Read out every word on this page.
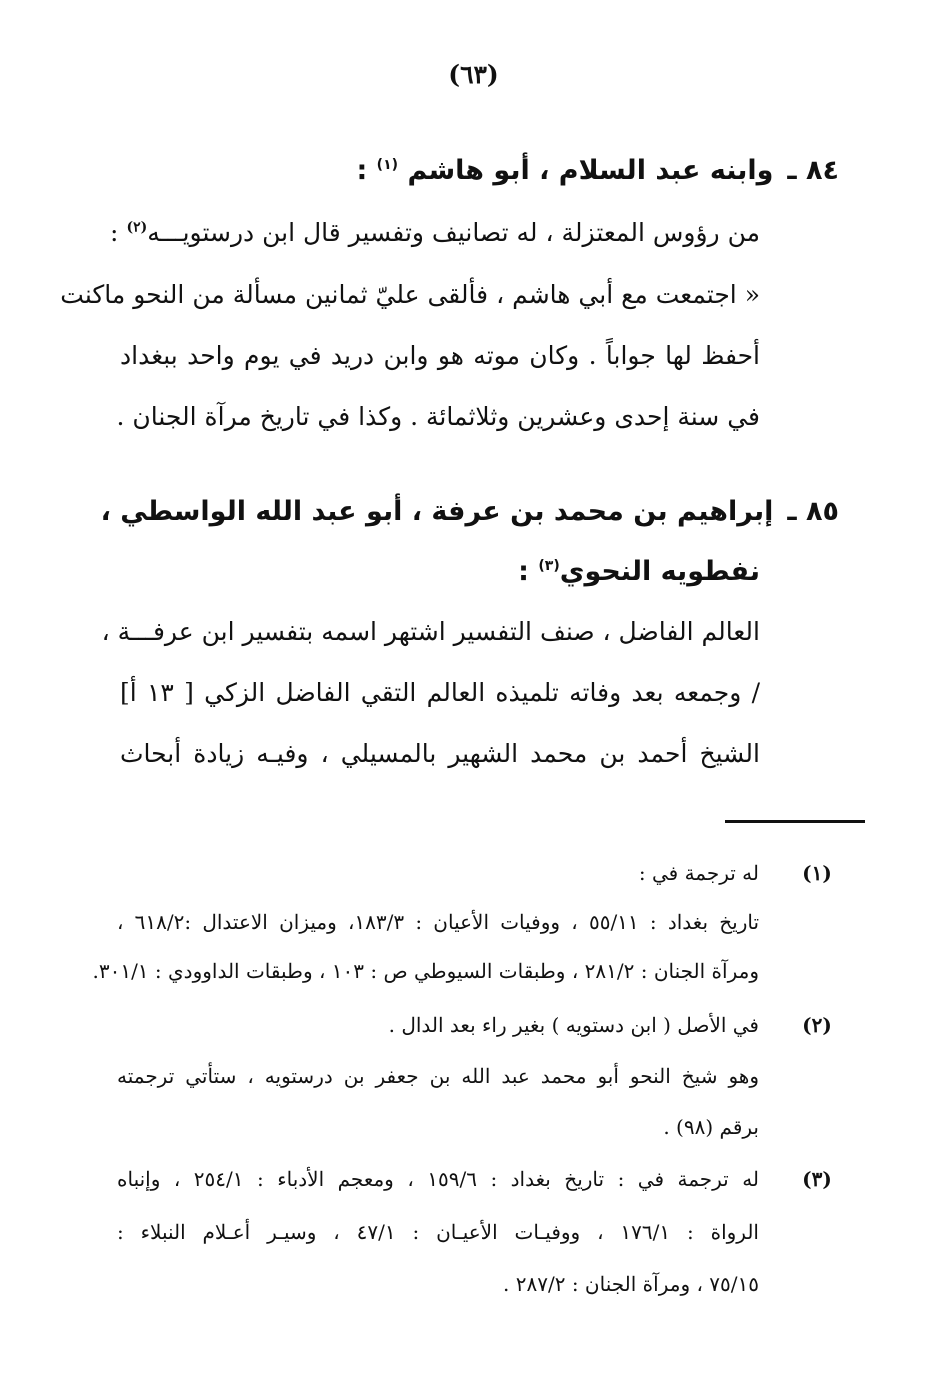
(٦٣)
٨٤ ـوابنه عبد السلام ، أبو هاشم $^{(١)}$ :
من رؤوس المعتزلة ، له تصانيف وتفسير قال ابن درستويـــه$^{(٢)}$ :
« اجتمعت مع أبي هاشم ، فألقى عليّ ثمانين مسألة من النحو ماكنت
أحفظ لها جواباً . وكان موته هو وابن دريد في يوم واحد ببغداد
في سنة إحدى وعشرين وثلاثمائة . وكذا في تاريخ مرآة الجنان .
٨٥ ـإبراهيم بن محمد بن عرفة ، أبو عبد الله الواسطي ،
نفطويه النحوي$^{(٣)}$ :
العالم الفاضل ، صنف التفسير اشتهر اسمه بتفسير ابن عرفـــة ،
/ وجمعه بعد وفاته تلميذه العالم التقي الفاضل الزكي [ ١٣ أ]
الشيخ أحمد بن محمد الشهير بالمسيلي ، وفيـه زيادة أبحاث
(١)
له ترجمة في :
تاريخ بغداد : ٥٥/١١ ، ووفيات الأعيان : ١٨٣/٣، وميزان الاعتدال :٦١٨/٢ ،
ومرآة الجنان : ٢٨١/٢ ، وطبقات السيوطي ص : ١٠٣ ، وطبقات الداوودي : ٣٠١/١.
(٢)
في الأصل ( ابن دستويه ) بغير راء بعد الدال .
وهو شيخ النحو أبو محمد عبد الله بن جعفر بن درستويه ، ستأتي ترجمته
برقم (٩٨) .
(٣)
له ترجمة في : تاريخ بغداد : ١٥٩/٦ ، ومعجم الأدباء : ٢٥٤/١ ، وإنباه
الرواة : ١٧٦/١ ، ووفيـات الأعيـان : ٤٧/١ ، وسيـر أعـلام النبلاء :
٧٥/١٥ ، ومرآة الجنان : ٢٨٧/٢ .
